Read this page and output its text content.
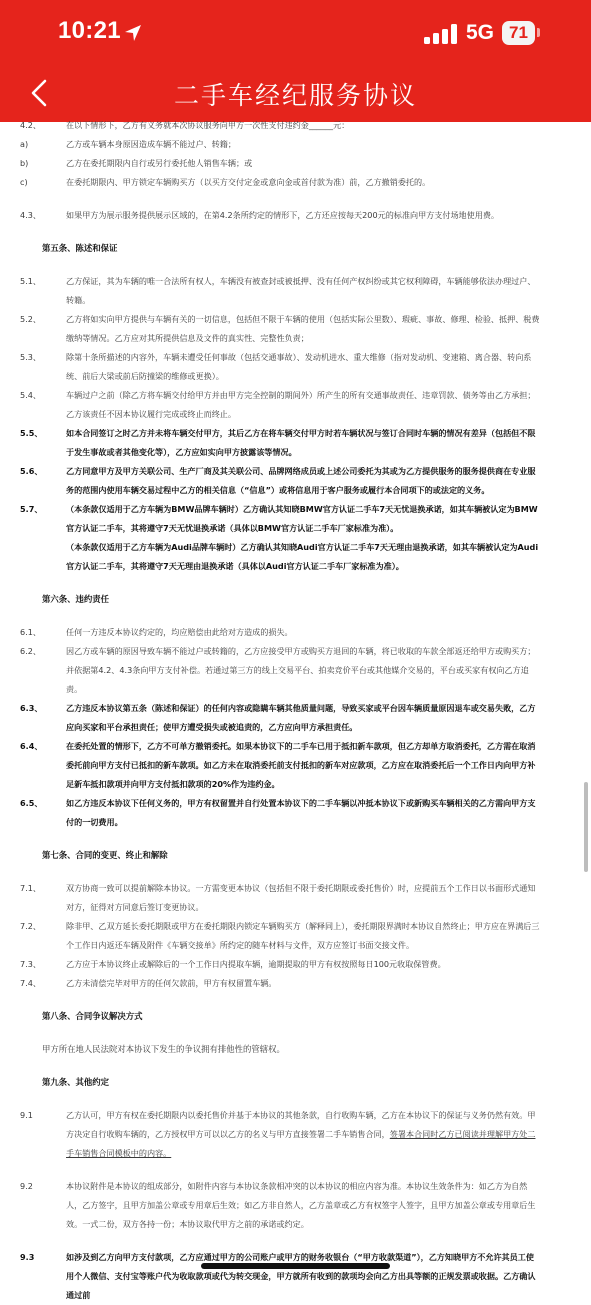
10:21	5G 71
二手车经纪服务协议
4.2、	在以下情形下，乙方有义务就本次协议服务向甲方一次性支付违约金______元：
a)	乙方或车辆本身原因造成车辆不能过户、转籍；
b)	乙方在委托期限内自行或另行委托他人销售车辆；或
c)	在委托期限内、甲方锁定车辆购买方（以买方交付定金或意向金或首付款为准）前，乙方撤销委托的。
4.3、	如果甲方为展示服务提供展示区域的，在第4.2条所约定的情形下，乙方还应按每天200元的标准向甲方支付场地使用费。
第五条、陈述和保证
5.1、	乙方保证，其为车辆的唯一合法所有权人，车辆没有被查封或被抵押、没有任何产权纠纷或其它权利障碍，车辆能够依法办理过户、转籍。
5.2、	乙方将如实向甲方提供与车辆有关的一切信息，包括但不限于车辆的使用（包括实际公里数）、瑕疵、事故、修理、检验、抵押、税费缴纳等情况。乙方应对其所提供信息及文件的真实性、完整性负责；
5.3、	除第十条所描述的内容外，车辆未遭受任何事故（包括交通事故）、发动机进水、重大维修（指对发动机、变速箱、离合器、转向系统、前后大梁或前后防撞梁的维修或更换）。
5.4、	车辆过户之前（除乙方将车辆交付给甲方并由甲方完全控制的期间外）所产生的所有交通事故责任、违章罚款、债务等由乙方承担；乙方该责任不因本协议履行完成或终止而终止。
5.5、	如本合同签订之时乙方并未将车辆交付甲方，其后乙方在将车辆交付甲方时若车辆状况与签订合同时车辆的情况有差异（包括但不限于发生事故或者其他变化等），乙方应如实向甲方披露该等情况。
5.6、	乙方同意甲方及甲方关联公司、生产厂商及其关联公司、品牌网络成员或上述公司委托为其或为乙方提供服务的服务提供商在专业服务的范围内使用车辆交易过程中乙方的相关信息（“信息”）或将信息用于客户服务或履行本合同项下的或法定的义务。
5.7、	（本条款仅适用于乙方车辆为BMW品牌车辆时）乙方确认其知晓BMW官方认证二手车7天无忧退换承诺，如其车辆被认定为BMW官方认证二手车，其将遵守7天无忧退换承诺（具体以BMW官方认证二手车厂家标准为准）。
（本条款仅适用于乙方车辆为Audi品牌车辆时）乙方确认其知晓Audi官方认证二手车7天无理由退换承诺，如其车辆被认定为Audi官方认证二手车，其将遵守7天无理由退换承诺（具体以Audi官方认证二手车厂家标准为准）。
第六条、违约责任
6.1、	任何一方违反本协议约定的，均应赔偿由此给对方造成的损失。
6.2、	因乙方或车辆的原因导致车辆不能过户或转籍的，乙方应接受甲方或购买方退回的车辆，将已收取的车款全部返还给甲方或购买方；并依据第4.2、4.3条向甲方支付补偿。若通过第三方的线上交易平台、拍卖竞价平台或其他媒介交易的，平台或买家有权向乙方追责。
6.3、	乙方违反本协议第五条（陈述和保证）的任何内容或隐瞒车辆其他质量问题，导致买家或平台因车辆质量原因退车或交易失败，乙方应向买家和平台承担责任；使甲方遭受损失或被追责的，乙方应向甲方承担责任。
6.4、	在委托处置的情形下，乙方不可单方撤销委托。如果本协议下的二手车已用于抵扣新车款项，但乙方却单方取消委托，乙方需在取消委托前向甲方支付已抵扣的新车款项。如乙方未在取消委托前支付抵扣的新车对应款项，乙方应在取消委托后一个工作日内向甲方补足新车抵扣款项并向甲方支付抵扣款项的20%作为违约金。
6.5、	如乙方违反本协议下任何义务的，甲方有权留置并自行处置本协议下的二手车辆以冲抵本协议下或新购买车辆相关的乙方需向甲方支付的一切费用。
第七条、合同的变更、终止和解除
7.1、	双方协商一致可以提前解除本协议。一方需变更本协议（包括但不限于委托期限或委托售价）时，应提前五个工作日以书面形式通知对方，征得对方同意后签订变更协议。
7.2、	除非甲、乙双方延长委托期限或甲方在委托期限内锁定车辆购买方（解释同上），委托期限界满时本协议自然终止；甲方应在界满后三个工作日内返还车辆及附件《车辆交接单》所约定的随车材料与文件，双方应签订书面交接文件。
7.3、	乙方应于本协议终止或解除后的一个工作日内提取车辆，逾期提取的甲方有权按照每日100元收取保管费。
7.4、	乙方未清偿完毕对甲方的任何欠款前，甲方有权留置车辆。
第八条、合同争议解决方式
甲方所在地人民法院对本协议下发生的争议拥有排他性的管辖权。
第九条、其他约定
9.1	乙方认可，甲方有权在委托期限内以委托售价并基于本协议的其他条款，自行收购车辆，乙方在本协议下的保证与义务仍然有效。甲方决定自行收购车辆的，乙方授权甲方可以以乙方的名义与甲方直接签署二手车销售合同，签署本合同时乙方已阅读并理解甲方处二手车销售合同模板中的内容。
9.2	本协议附件是本协议的组成部分，如附件内容与本协议条款相冲突的以本协议的相应内容为准。本协议生效条件为：如乙方为自然人，乙方签字，且甲方加盖公章或专用章后生效；如乙方非自然人，乙方盖章或乙方有权签字人签字，且甲方加盖公章或专用章后生效。一式二份，双方各持一份；本协议取代甲方之前的承诺或约定。
9.3	如涉及到乙方向甲方支付款项，乙方应通过甲方的公司账户或甲方的财务收银台（“甲方收款渠道”），乙方知晓甲方不允许其员工使用个人微信、支付宝等账户代为收取款项或代为转交现金，甲方就所有收到的款项均会向乙方出具等额的正规发票或收据。乙方确认通过前
